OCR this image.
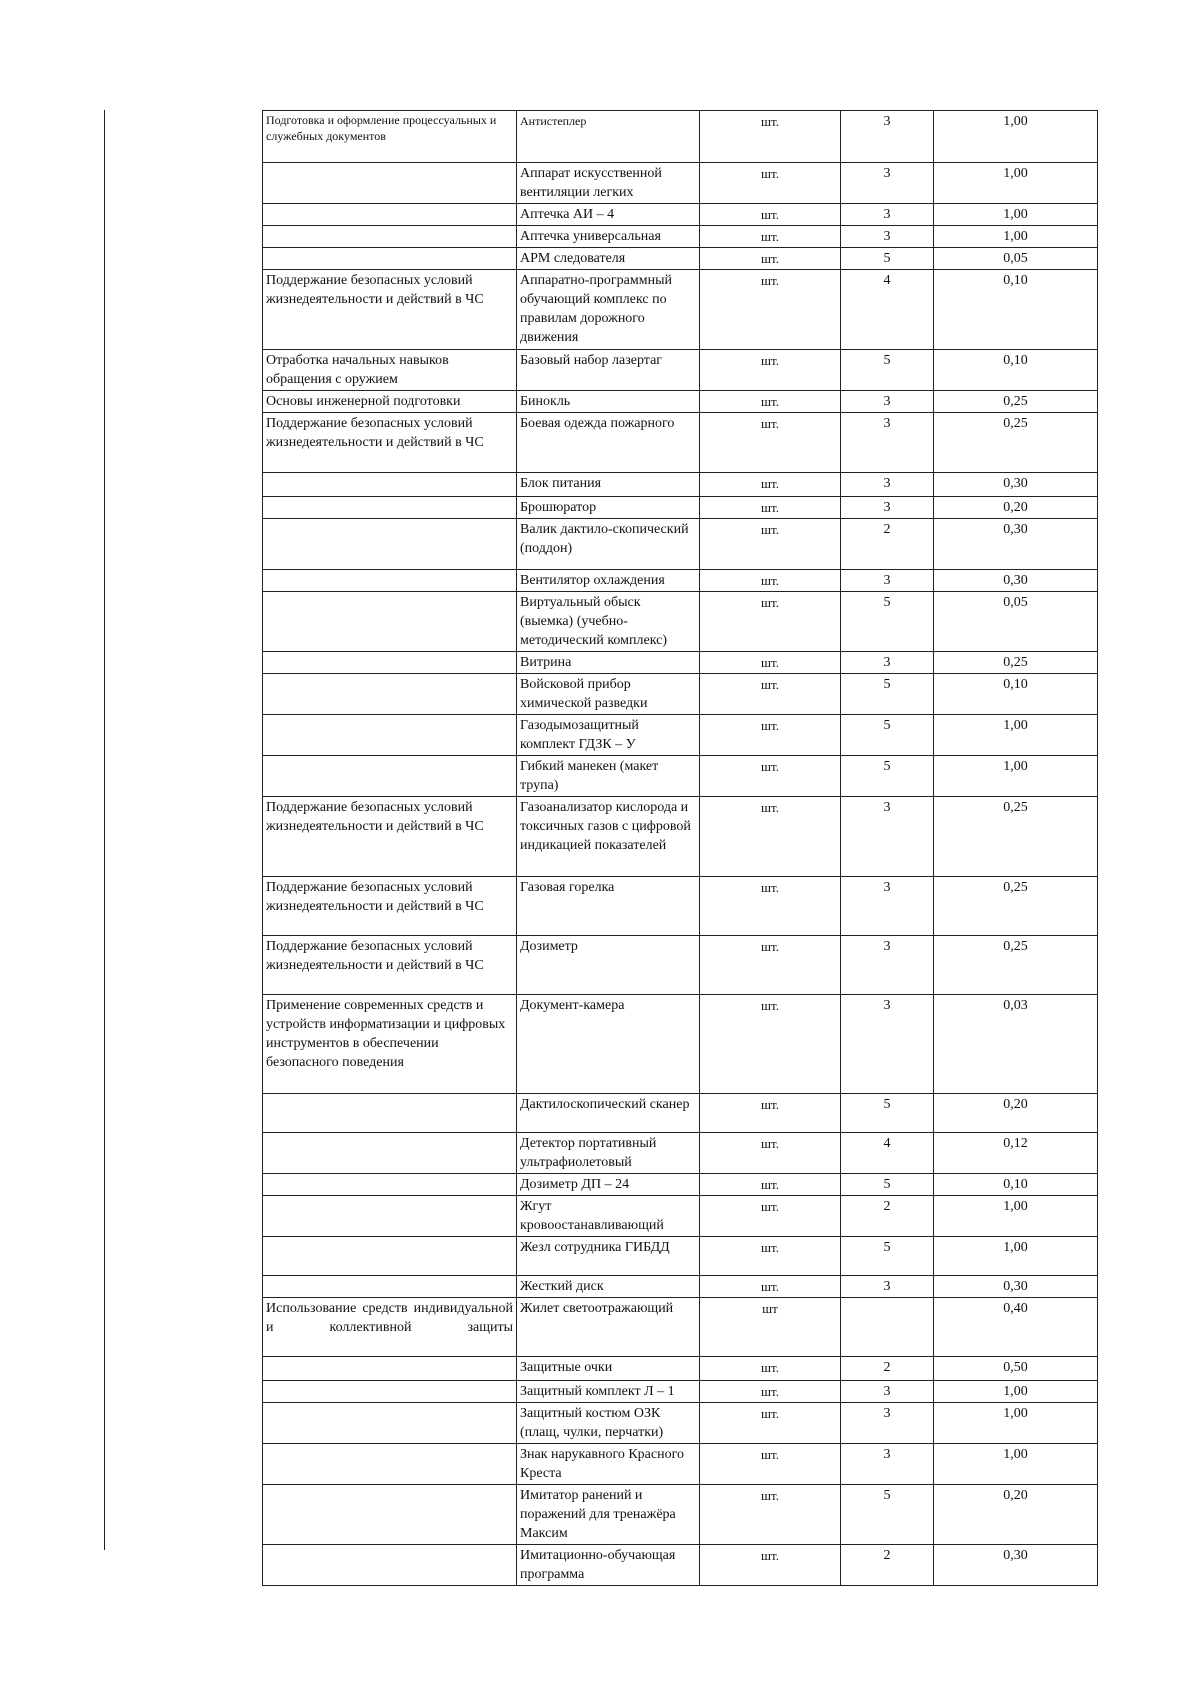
Подготовка и оформление процессуальных и служебных документов	Антистеплер	шт.	3	1,00
	Аппарат искусственной вентиляции легких	шт.	3	1,00
	Аптечка АИ – 4	шт.	3	1,00
	Аптечка универсальная	шт.	3	1,00
	АРМ следователя	шт.	5	0,05
Поддержание безопасных условий жизнедеятельности и действий в ЧС	Аппаратно-программный обучающий комплекс по правилам дорожного движения	шт.	4	0,10
Отработка начальных навыков обращения с оружием	Базовый набор лазертаг	шт.	5	0,10
Основы инженерной подготовки	Бинокль	шт.	3	0,25
Поддержание безопасных условий жизнедеятельности и действий в ЧС	Боевая одежда пожарного	шт.	3	0,25
	Блок питания	шт.	3	0,30
	Брошюратор	шт.	3	0,20
	Валик дактило-скопический (поддон)	шт.	2	0,30
	Вентилятор охлаждения	шт.	3	0,30
	Виртуальный обыск (выемка) (учебно-методический комплекс)	шт.	5	0,05
	Витрина	шт.	3	0,25
	Войсковой прибор химической разведки	шт.	5	0,10
	Газодымозащитный комплект ГДЗК – У	шт.	5	1,00
	Гибкий манекен (макет трупа)	шт.	5	1,00
Поддержание безопасных условий жизнедеятельности и действий в ЧС	Газоанализатор кислорода и токсичных газов с цифровой индикацией показателей	шт.	3	0,25
Поддержание безопасных условий жизнедеятельности и действий в ЧС	Газовая горелка	шт.	3	0,25
Поддержание безопасных условий жизнедеятельности и действий в ЧС	Дозиметр	шт.	3	0,25
Применение современных средств и устройств информатизации и цифровых инструментов в обеспечении безопасного поведения	Документ-камера	шт.	3	0,03
	Дактилоскопический сканер	шт.	5	0,20
	Детектор портативный ультрафиолетовый	шт.	4	0,12
	Дозиметр ДП – 24	шт.	5	0,10
	Жгут кровоостанавливающий	шт.	2	1,00
	Жезл сотрудника ГИБДД	шт.	5	1,00
	Жесткий диск	шт.	3	0,30
Использование средств индивидуальной и коллективной защиты	Жилет светоотражающий	шт		0,40
	Защитные очки	шт.	2	0,50
	Защитный комплект Л – 1	шт.	3	1,00
	Защитный костюм ОЗК (плащ, чулки, перчатки)	шт.	3	1,00
	Знак нарукавного Красного Креста	шт.	3	1,00
	Имитатор ранений и поражений для тренажёра Максим	шт.	5	0,20
	Имитационно-обучающая программа	шт.	2	0,30
